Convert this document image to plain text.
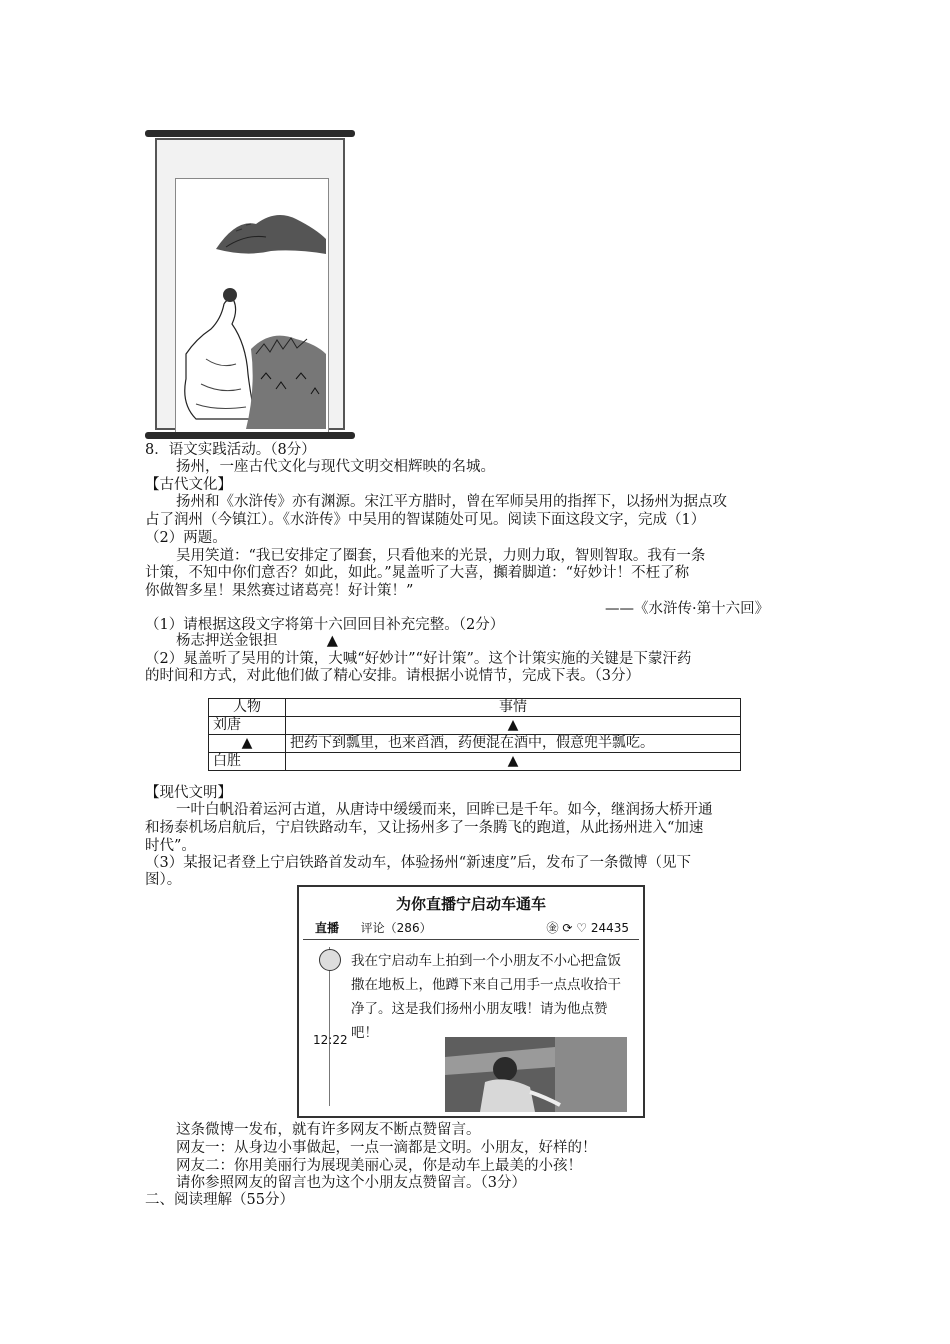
8．语文实践活动。（8分）
扬州，一座古代文化与现代文明交相辉映的名城。
【古代文化】
扬州和《水浒传》亦有渊源。宋江平方腊时，曾在军师吴用的指挥下，以扬州为据点攻
占了润州（今镇江）。《水浒传》中吴用的智谋随处可见。阅读下面这段文字，完成（1）
（2）两题。
吴用笑道：“我已安排定了圈套，只看他来的光景，力则力取，智则智取。我有一条
计策，不知中你们意否？如此，如此。”晁盖听了大喜，攧着脚道：“好妙计！不枉了称
你做智多星！果然赛过诸葛亮！好计策！”
——《水浒传·第十六回》
（1）请根据这段文字将第十六回回目补充完整。（2分）
杨志押送金银担	▲
（2）晁盖听了吴用的计策，大喊“好妙计”“好计策”。这个计策实施的关键是下蒙汗药
的时间和方式，对此他们做了精心安排。请根据小说情节，完成下表。（3分）
人物	事情
刘唐	▲
▲	把药下到瓢里，也来舀酒，药便混在酒中，假意兜半瓢吃。
白胜	▲
【现代文明】
一叶白帆沿着运河古道，从唐诗中缓缓而来，回眸已是千年。如今，继润扬大桥开通
和扬泰机场启航后，宁启铁路动车，又让扬州多了一条腾飞的跑道，从此扬州进入“加速
时代”。
（3）某报记者登上宁启铁路首发动车，体验扬州“新速度”后，发布了一条微博（见下
图）。
为你直播宁启动车通车
直播 评论（286）	㊎ ⟳ ♡ 24435
12:22
我在宁启动车上拍到一个小朋友不小心把盒饭撒在地板上，他蹲下来自己用手一点点收拾干净了。这是我们扬州小朋友哦！请为他点赞吧！
这条微博一发布，就有许多网友不断点赞留言。
网友一：从身边小事做起，一点一滴都是文明。小朋友，好样的！
网友二：你用美丽行为展现美丽心灵，你是动车上最美的小孩！
请你参照网友的留言也为这个小朋友点赞留言。（3分）
二、阅读理解（55分）
